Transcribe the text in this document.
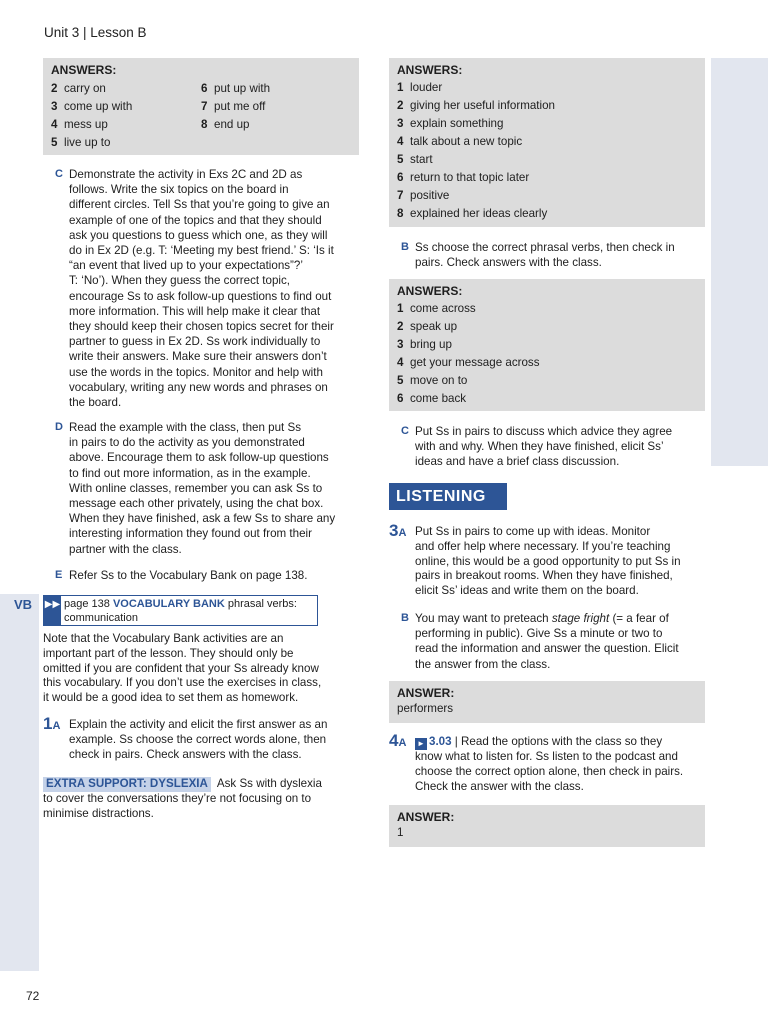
Unit 3 | Lesson B
ANSWERS:
2 carry on
3 come up with
4 mess up
5 live up to
6 put up with
7 put me off
8 end up
C Demonstrate the activity in Exs 2C and 2D as
follows. Write the six topics on the board in
different circles. Tell Ss that you’re going to give an
example of one of the topics and that they should
ask you questions to guess which one, as they will
do in Ex 2D (e.g. T: ‘Meeting my best friend.’ S: ‘Is it
“an event that lived up to your expectations”?’
T: ‘No’). When they guess the correct topic,
encourage Ss to ask follow-up questions to find out
more information. This will help make it clear that
they should keep their chosen topics secret for their
partner to guess in Ex 2D. Ss work individually to
write their answers. Make sure their answers don’t
use the words in the topics. Monitor and help with
vocabulary, writing any new words and phrases on
the board.
D Read the example with the class, then put Ss
in pairs to do the activity as you demonstrated
above. Encourage them to ask follow-up questions
to find out more information, as in the example.
With online classes, remember you can ask Ss to
message each other privately, using the chat box.
When they have finished, ask a few Ss to share any
interesting information they found out from their
partner with the class.
E Refer Ss to the Vocabulary Bank on page 138.
VB ▶▶ page 138 VOCABULARY BANK phrasal verbs:
communication
Note that the Vocabulary Bank activities are an
important part of the lesson. They should only be
omitted if you are confident that your Ss already know
this vocabulary. If you don’t use the exercises in class,
it would be a good idea to set them as homework.
1A Explain the activity and elicit the first answer as an
example. Ss choose the correct words alone, then
check in pairs. Check answers with the class.
EXTRA SUPPORT: DYSLEXIA Ask Ss with dyslexia
to cover the conversations they’re not focusing on to
minimise distractions.
ANSWERS:
1 louder
2 giving her useful information
3 explain something
4 talk about a new topic
5 start
6 return to that topic later
7 positive
8 explained her ideas clearly
B Ss choose the correct phrasal verbs, then check in
pairs. Check answers with the class.
ANSWERS:
1 come across
2 speak up
3 bring up
4 get your message across
5 move on to
6 come back
C Put Ss in pairs to discuss which advice they agree
with and why. When they have finished, elicit Ss’
ideas and have a brief class discussion.
LISTENING
3A Put Ss in pairs to come up with ideas. Monitor
and offer help where necessary. If you’re teaching
online, this would be a good opportunity to put Ss in
pairs in breakout rooms. When they have finished,
elicit Ss’ ideas and write them on the board.
B You may want to preteach stage fright (= a fear of
performing in public). Give Ss a minute or two to
read the information and answer the question. Elicit
the answer from the class.
ANSWER:
performers
4A ► 3.03 | Read the options with the class so they
know what to listen for. Ss listen to the podcast and
choose the correct option alone, then check in pairs.
Check the answer with the class.
ANSWER:
1
72
